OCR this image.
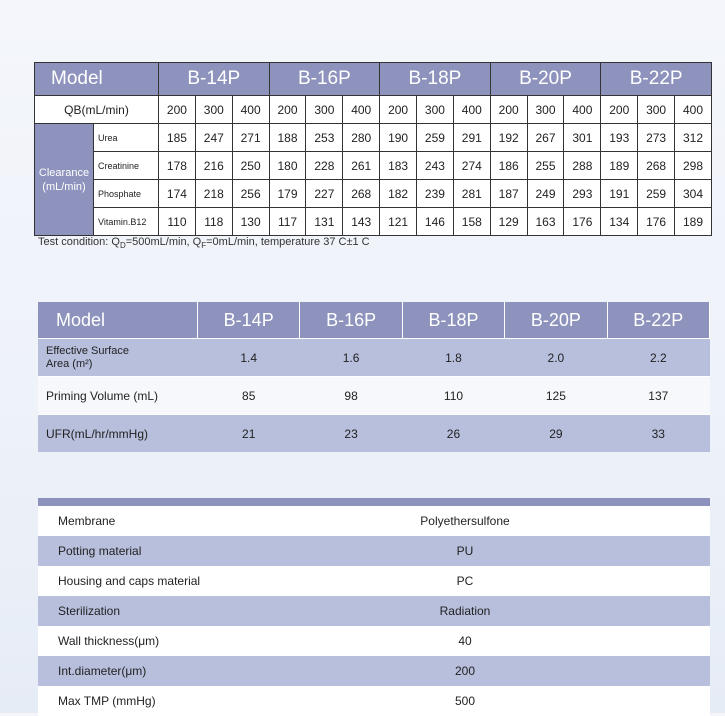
Model		B-14P			B-16P			B-18P			B-20P			B-22P		
QB(mL/min)		200	300	400	200	300	400	200	300	400	200	300	400	200	300	400
Clearance
(mL/min)	Urea	185	247	271	188	253	280	190	259	291	192	267	301	193	273	312
	Creatinine	178	216	250	180	228	261	183	243	274	186	255	288	189	268	298
	Phosphate	174	218	256	179	227	268	182	239	281	187	249	293	191	259	304
	Vitamin.B12	110	118	130	117	131	143	121	146	158	129	163	176	134	176	189
Test condition: $Q_D=500mL/\min$, $Q_F=0mL/\min$, temperature 37 C±1 C
Model	B-14P	B-16P	B-18P	B-20P	B-22P
Effective Surface
Area (m²)	1.4	1.6	1.8	2.0	2.2
Priming Volume (mL)	85	98	110	125	137
UFR(mL/hr/mmHg)	21	23	26	29	33

Membrane	Polyethersulfone
Potting material	PU
Housing and caps material	PC
Sterilization	Radiation
Wall thickness(μm)	40
Int.diameter(μm)	200
Max TMP (mmHg)	500
